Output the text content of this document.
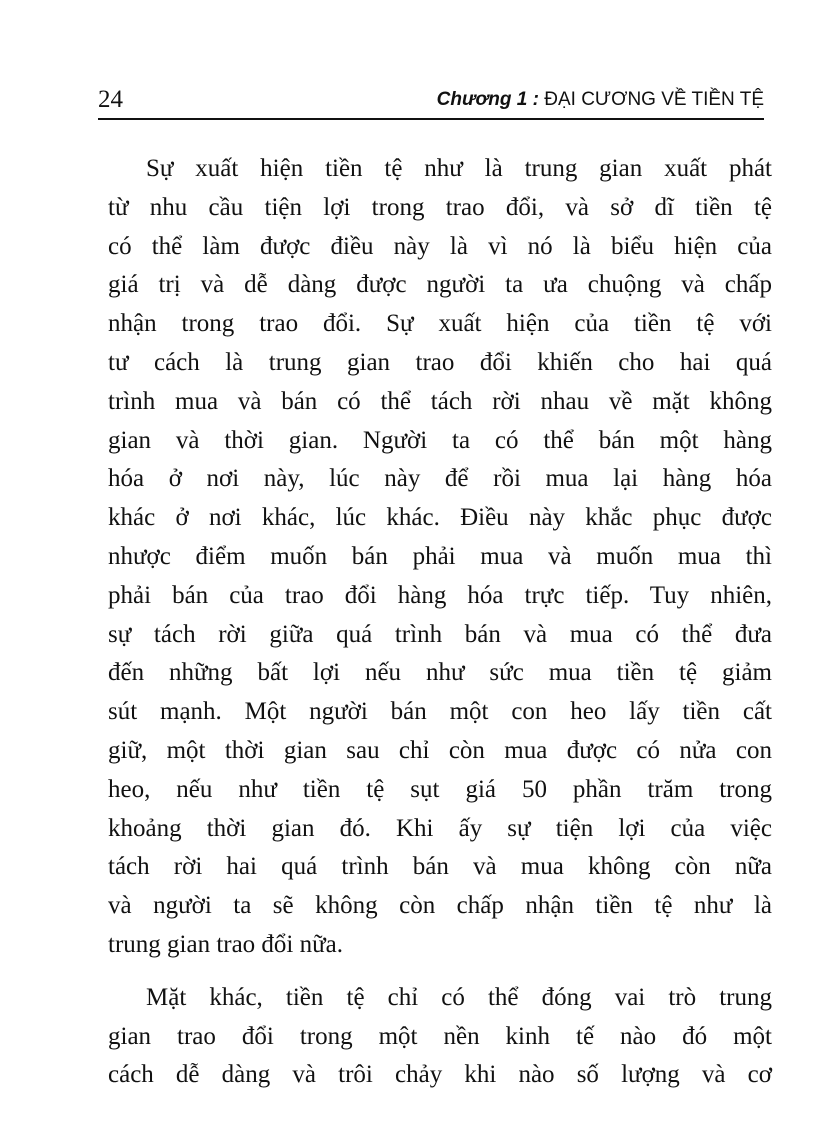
24	Chương 1 : ĐẠI CƯƠNG VỀ TIỀN TỆ
Sự xuất hiện tiền tệ như là trung gian xuất phát
từ nhu cầu tiện lợi trong trao đổi, và sở dĩ tiền tệ
có thể làm được điều này là vì nó là biểu hiện của
giá trị và dễ dàng được người ta ưa chuộng và chấp
nhận trong trao đổi. Sự xuất hiện của tiền tệ với
tư cách là trung gian trao đổi khiến cho hai quá
trình mua và bán có thể tách rời nhau về mặt không
gian và thời gian. Người ta có thể bán một hàng
hóa ở nơi này, lúc này để rồi mua lại hàng hóa
khác ở nơi khác, lúc khác. Điều này khắc phục được
nhược điểm muốn bán phải mua và muốn mua thì
phải bán của trao đổi hàng hóa trực tiếp. Tuy nhiên,
sự tách rời giữa quá trình bán và mua có thể đưa
đến những bất lợi nếu như sức mua tiền tệ giảm
sút mạnh. Một người bán một con heo lấy tiền cất
giữ, một thời gian sau chỉ còn mua được có nửa con
heo, nếu như tiền tệ sụt giá 50 phần trăm trong
khoảng thời gian đó. Khi ấy sự tiện lợi của việc
tách rời hai quá trình bán và mua không còn nữa
và người ta sẽ không còn chấp nhận tiền tệ như là
trung gian trao đổi nữa.
Mặt khác, tiền tệ chỉ có thể đóng vai trò trung
gian trao đổi trong một nền kinh tế nào đó một
cách dễ dàng và trôi chảy khi nào số lượng và cơ
